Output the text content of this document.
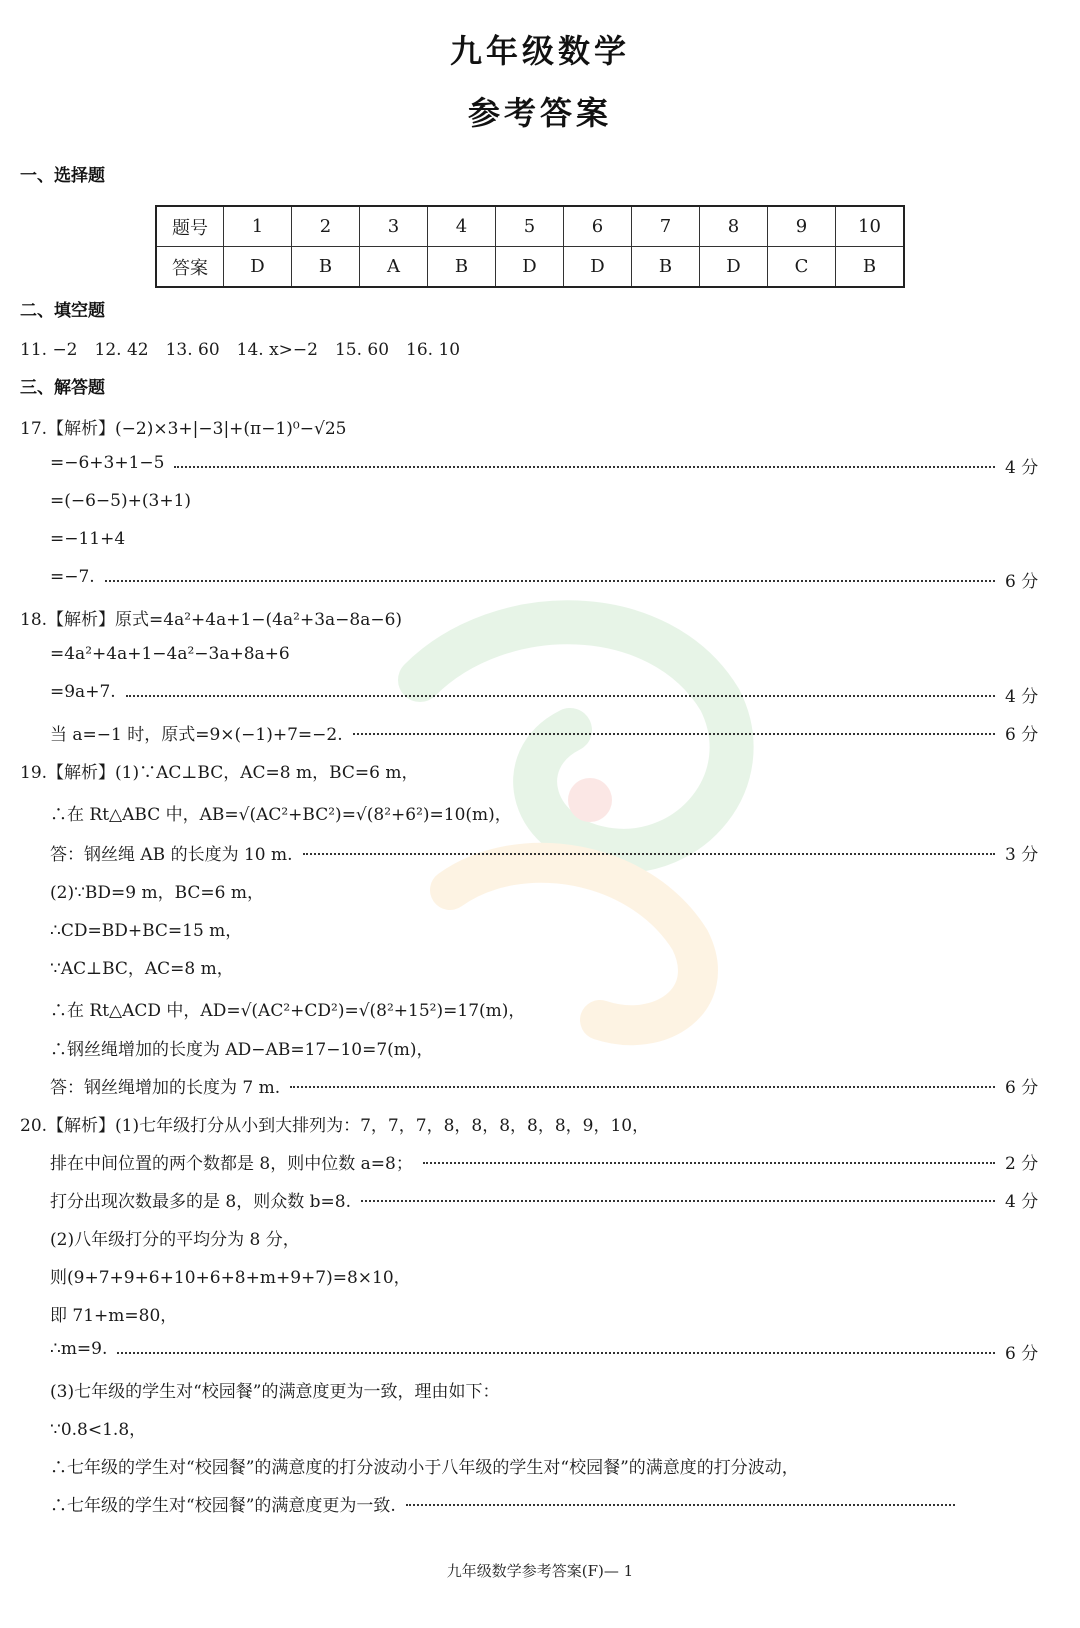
九年级数学
参考答案
一、选择题
题号	1	2	3	4	5	6	7	8	9	10
答案	D	B	A	B	D	D	B	D	C	B
二、填空题
11. −2　12. 42　13. 60　14. x>−2　15. 60　16. 10
三、解答题
17.【解析】(−2)×3+|−3|+(π−1)⁰−√25
=−6+3+1−5	4 分
=(−6−5)+(3+1)
=−11+4
=−7.	6 分
18.【解析】原式=4a²+4a+1−(4a²+3a−8a−6)
=4a²+4a+1−4a²−3a+8a+6
=9a+7.	4 分
当 a=−1 时，原式=9×(−1)+7=−2.	6 分
19.【解析】(1)∵AC⊥BC，AC=8 m，BC=6 m，
∴在 Rt△ABC 中，AB=√(AC²+BC²)=√(8²+6²)=10(m)，
答：钢丝绳 AB 的长度为 10 m.	3 分
(2)∵BD=9 m，BC=6 m，
∴CD=BD+BC=15 m，
∵AC⊥BC，AC=8 m，
∴在 Rt△ACD 中，AD=√(AC²+CD²)=√(8²+15²)=17(m)，
∴钢丝绳增加的长度为 AD−AB=17−10=7(m)，
答：钢丝绳增加的长度为 7 m.	6 分
20.【解析】(1)七年级打分从小到大排列为：7，7，7，8，8，8，8，8，9，10，
排在中间位置的两个数都是 8，则中位数 a=8；	2 分
打分出现次数最多的是 8，则众数 b=8.	4 分
(2)八年级打分的平均分为 8 分，
则(9+7+9+6+10+6+8+m+9+7)=8×10，
即 71+m=80，
∴m=9.	6 分
(3)七年级的学生对“校园餐”的满意度更为一致，理由如下：
∵0.8<1.8，
∴七年级的学生对“校园餐”的满意度的打分波动小于八年级的学生对“校园餐”的满意度的打分波动，
∴七年级的学生对“校园餐”的满意度更为一致.
九年级数学参考答案(F)— 1
